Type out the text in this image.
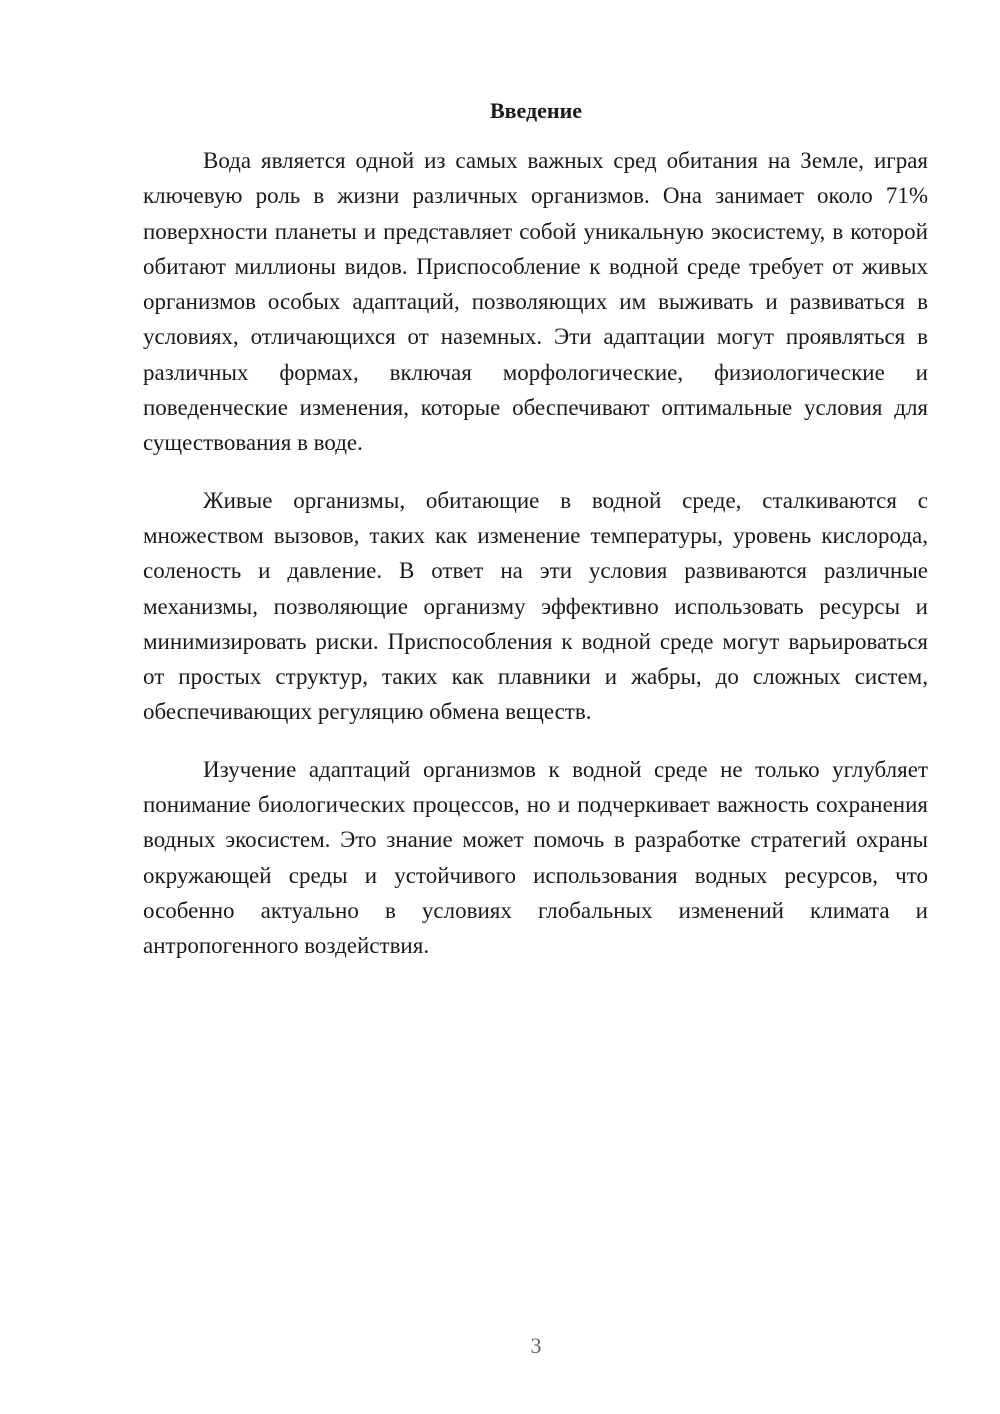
Введение

Вода является одной из самых важных сред обитания на Земле, играя ключевую роль в жизни различных организмов. Она занимает около 71% поверхности планеты и представляет собой уникальную экосистему, в которой обитают миллионы видов. Приспособление к водной среде требует от живых организмов особых адаптаций, позволяющих им выживать и развиваться в условиях, отличающихся от наземных. Эти адаптации могут проявляться в различных формах, включая морфологические, физиологические и поведенческие изменения, которые обеспечивают оптимальные условия для существования в воде.

Живые организмы, обитающие в водной среде, сталкиваются с множеством вызовов, таких как изменение температуры, уровень кислорода, соленость и давление. В ответ на эти условия развиваются различные механизмы, позволяющие организму эффективно использовать ресурсы и минимизировать риски. Приспособления к водной среде могут варьироваться от простых структур, таких как плавники и жабры, до сложных систем, обеспечивающих регуляцию обмена веществ.

Изучение адаптаций организмов к водной среде не только углубляет понимание биологических процессов, но и подчеркивает важность сохранения водных экосистем. Это знание может помочь в разработке стратегий охраны окружающей среды и устойчивого использования водных ресурсов, что особенно актуально в условиях глобальных изменений климата и антропогенного воздействия.

3
